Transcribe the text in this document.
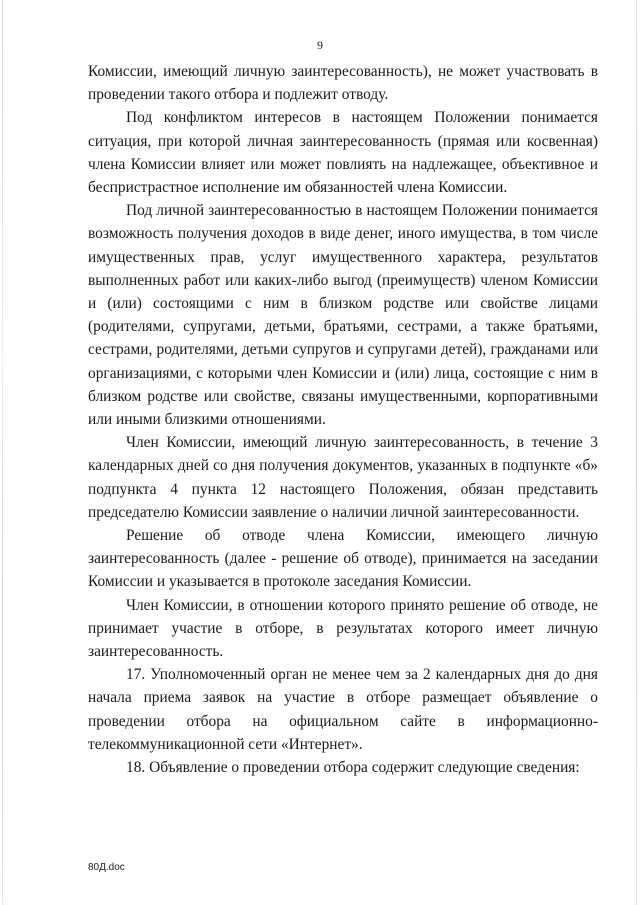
9

Комиссии, имеющий личную заинтересованность), не может участвовать в проведении такого отбора и подлежит отводу.

Под конфликтом интересов в настоящем Положении понимается ситуация, при которой личная заинтересованность (прямая или косвенная) члена Комиссии влияет или может повлиять на надлежащее, объективное и беспристрастное исполнение им обязанностей члена Комиссии.

Под личной заинтересованностью в настоящем Положении понимается возможность получения доходов в виде денег, иного имущества, в том числе имущественных прав, услуг имущественного характера, результатов выполненных работ или каких-либо выгод (преимуществ) членом Комиссии и (или) состоящими с ним в близком родстве или свойстве лицами (родителями, супругами, детьми, братьями, сестрами, а также братьями, сестрами, родителями, детьми супругов и супругами детей), гражданами или организациями, с которыми член Комиссии и (или) лица, состоящие с ним в близком родстве или свойстве, связаны имущественными, корпоративными или иными близкими отношениями.

Член Комиссии, имеющий личную заинтересованность, в течение 3 календарных дней со дня получения документов, указанных в подпункте «б» подпункта 4 пункта 12 настоящего Положения, обязан представить председателю Комиссии заявление о наличии личной заинтересованности.

Решение об отводе члена Комиссии, имеющего личную заинтересованность (далее - решение об отводе), принимается на заседании Комиссии и указывается в протоколе заседания Комиссии.

Член Комиссии, в отношении которого принято решение об отводе, не принимает участие в отборе, в результатах которого имеет личную заинтересованность.

17. Уполномоченный орган не менее чем за 2 календарных дня до дня начала приема заявок на участие в отборе размещает объявление о проведении отбора на официальном сайте в информационно-телекоммуникационной сети «Интернет».

18. Объявление о проведении отбора содержит следующие сведения:

80Д.doc
